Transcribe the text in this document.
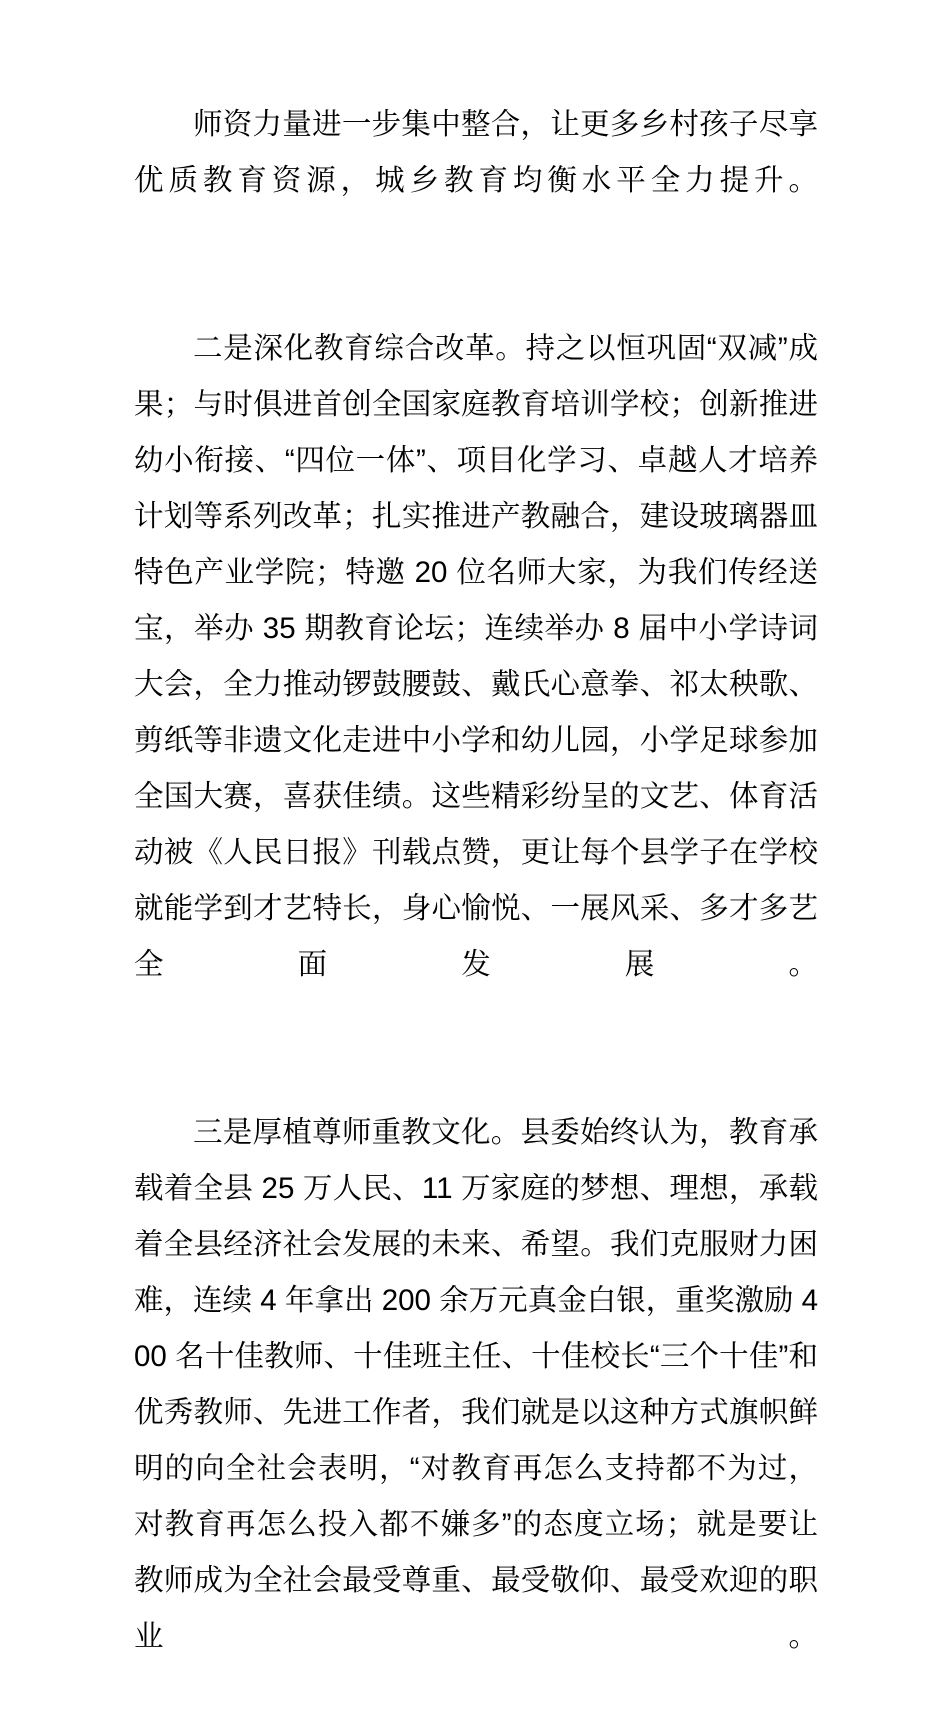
师资力量进一步集中整合，让更多乡村孩子尽享优质教育资源，城乡教育均衡水平全力提升。

二是深化教育综合改革。持之以恒巩固“双减”成果；与时俱进首创全国家庭教育培训学校；创新推进幼小衔接、“四位一体”、项目化学习、卓越人才培养计划等系列改革；扎实推进产教融合，建设玻璃器皿特色产业学院；特邀 20 位名师大家，为我们传经送宝，举办 35 期教育论坛；连续举办 8 届中小学诗词大会，全力推动锣鼓腰鼓、戴氏心意拳、祁太秧歌、剪纸等非遗文化走进中小学和幼儿园，小学足球参加全国大赛，喜获佳绩。这些精彩纷呈的文艺、体育活动被《人民日报》刊载点赞，更让每个县学子在学校就能学到才艺特长，身心愉悦、一展风采、多才多艺全面发展。

三是厚植尊师重教文化。县委始终认为，教育承载着全县 25 万人民、11 万家庭的梦想、理想，承载着全县经济社会发展的未来、希望。我们克服财力困难，连续 4 年拿出 200 余万元真金白银，重奖激励 400 名十佳教师、十佳班主任、十佳校长“三个十佳”和优秀教师、先进工作者，我们就是以这种方式旗帜鲜明的向全社会表明，“对教育再怎么支持都不为过，对教育再怎么投入都不嫌多”的态度立场；就是要让教师成为全社会最受尊重、最受敬仰、最受欢迎的职业。
